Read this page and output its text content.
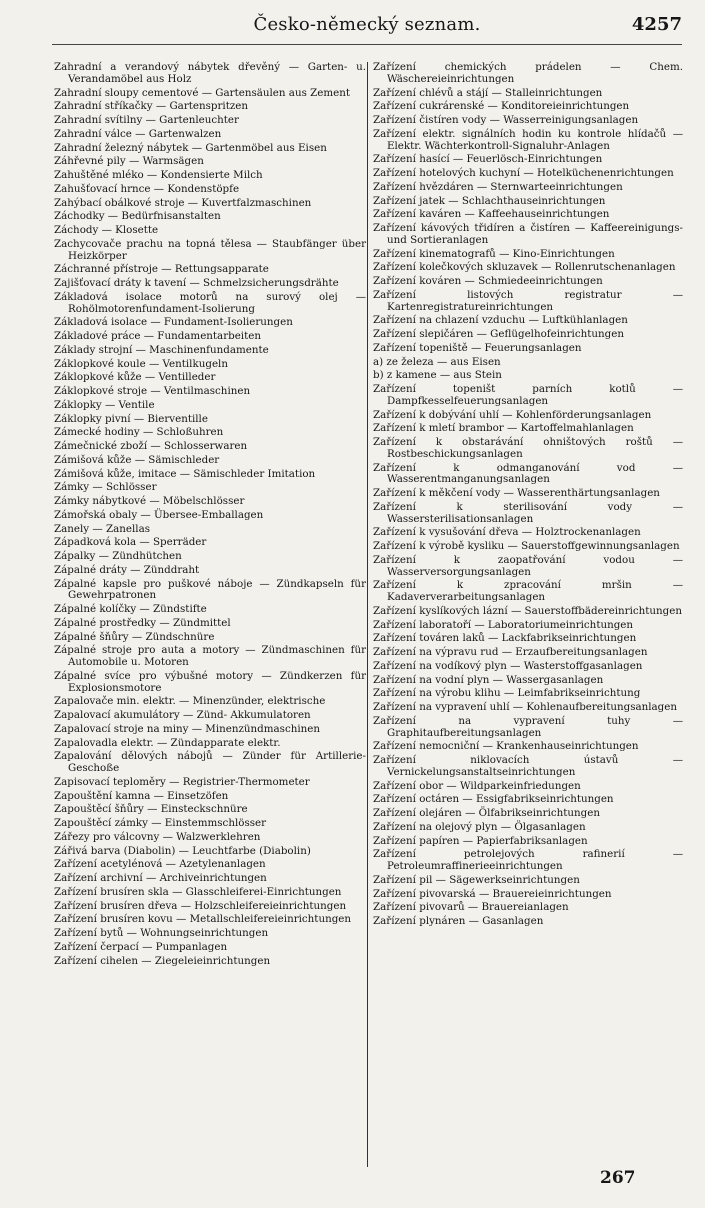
Česko-německý seznam.	4257
Zahradní a verandový nábytek dřevěný — Garten- u. Verandamöbel aus Holz
Zahradní sloupy cementové — Gartensäulen aus Zement
Zahradní stříkačky — Gartenspritzen
Zahradní svítilny — Gartenleuchter
Zahradní válce — Gartenwalzen
Zahradní železný nábytek — Gartenmöbel aus Eisen
Záhřevné pily — Warmsägen
Zahuštěné mléko — Kondensierte Milch
Zahušťovací hrnce — Kondenstöpfe
Zahýbací obálkové stroje — Kuvertfalzmaschinen
Záchodky — Bedürfnisanstalten
Záchody — Klosette
Zachycovače prachu na topná tělesa — Staubfänger über Heizkörper
Záchranné přístroje — Rettungsapparate
Zajišťovací dráty k tavení — Schmelzsicherungsdrähte
Základová isolace motorů na surový olej — Rohölmotorenfundament-Isolierung
Základová isolace — Fundament-Isolierungen
Základové práce — Fundamentarbeiten
Základy strojní — Maschinenfundamente
Záklopkové koule — Ventilkugeln
Záklopkové kůže — Ventilleder
Záklopkové stroje — Ventilmaschinen
Záklopky — Ventile
Záklopky pivní — Bierventille
Zámecké hodiny — Schloßuhren
Zámečnické zboží — Schlosserwaren
Zámišová kůže — Sämischleder
Zámišová kůže, imitace — Sämischleder Imitation
Zámky — Schlösser
Zámky nábytkové — Möbelschlösser
Zámořská obaly — Übersee-Emballagen
Zanely — Zanellas
Západková kola — Sperräder
Zápalky — Zündhütchen
Zápalné dráty — Zünddraht
Zápalné kapsle pro puškové náboje — Zündkapseln für Gewehrpatronen
Zápalné kolíčky — Zündstifte
Zápalné prostředky — Zündmittel
Zápalné šňůry — Zündschnüre
Zápalné stroje pro auta a motory — Zündmaschinen für Automobile u. Motoren
Zápalné svíce pro výbušné motory — Zündkerzen für Explosionsmotore
Zapalovače min. elektr. — Minenzünder, elektrische
Zapalovací akumulátory — Zünd- Akkumulatoren
Zapalovací stroje na miny — Minenzündmaschinen
Zapalovadla elektr. — Zündapparate elektr.
Zapalování dělových nábojů — Zünder für Artillerie-Geschoße
Zapisovací teploměry — Registrier-Thermometer
Zapouštění kamna — Einsetzöfen
Zapouštěcí šňůry — Einsteckschnüre
Zapouštěcí zámky — Einstemmschlösser
Zářezy pro válcovny — Walzwerklehren
Zářivá barva (Diabolin) — Leuchtfarbe (Diabolin)
Zařízení acetylénová — Azetylenanlagen
Zařízení archivní — Archiveinrichtungen
Zařízení brusíren skla — Glasschleiferei-Einrichtungen
Zařízení brusíren dřeva — Holzschleifereieinrichtungen
Zařízení brusíren kovu — Metallschleifereieinrichtungen
Zařízení bytů — Wohnungseinrichtungen
Zařízení čerpací — Pumpanlagen
Zařízení cihelen — Ziegeleieinrichtungen
Zařízení chemických prádelen — Chem. Wäschereieinrichtungen
Zařízení chlévů a stájí — Stalleinrichtungen
Zařízení cukrárenské — Konditoreieinrichtungen
Zařízení čistíren vody — Wasserreinigungsanlagen
Zařízení elektr. signálních hodin ku kontrole hlídačů — Elektr. Wächterkontroll-Signaluhr-Anlagen
Zařízení hasící — Feuerlösch-Einrichtungen
Zařízení hotelových kuchyní — Hotelküchenenrichtungen
Zařízení hvězdáren — Sternwarteeinrichtungen
Zařízení jatek — Schlachthauseinrichtungen
Zařízení kaváren — Kaffeehauseinrichtungen
Zařízení kávových třidíren a čistíren — Kaffeereinigungs- und Sortieranlagen
Zařízení kinematografů — Kino-Einrichtungen
Zařízení kolečkových skluzavek — Rollenrutschenanlagen
Zařízení kováren — Schmiedeeinrichtungen
Zařízení listových registratur — Kartenregistratureinrichtungen
Zařízení na chlazení vzduchu — Luftkühlanlagen
Zařízení slepičáren — Geflügelhofeinrichtungen
Zařízení topeniště — Feuerungsanlagen
a) ze železa — aus Eisen
b) z kamene — aus Stein
Zařízení topeništ parních kotlů — Dampfkesselfeuerungsanlagen
Zařízení k dobývání uhlí — Kohlenförderungsanlagen
Zařízení k mletí brambor — Kartoffelmahlanlagen
Zařízení k obstarávání ohništových roštů — Rostbeschickungsanlagen
Zařízení k odmanganování vod — Wasserentmanganungsanlagen
Zařízení k měkčení vody — Wasserenthärtungsanlagen
Zařízení k sterilisování vody — Wassersterilisationsanlagen
Zařízení k vysušování dřeva — Holztrockenanlagen
Zařízení k výrobě kysliku — Sauerstoffgewinnungsanlagen
Zařízení k zaopatřování vodou — Wasserversorgungsanlagen
Zařízení k zpracování mršin — Kadaververarbeitungsanlagen
Zařízení kyslíkových lázní — Sauerstoffbädereinrichtungen
Zařízení laboratoří — Laboratoriumeinrichtungen
Zařízení továren laků — Lackfabrikseinrichtungen
Zařízení na výpravu rud — Erzaufbereitungsanlagen
Zařízení na vodíkový plyn — Wasterstoffgasanlagen
Zařízení na vodní plyn — Wassergasanlagen
Zařízení na výrobu klihu — Leimfabrikseinrichtung
Zařízení na vypravení uhlí — Kohlenaufbereitungsanlagen
Zařízení na vypravení tuhy — Graphitaufbereitungsanlagen
Zařízení nemocniční — Krankenhauseinrichtungen
Zařízení niklovacích ústavů — Vernickelungsanstaltseinrichtungen
Zařízení obor — Wildparkeinfriedungen
Zařízení octáren — Essigfabrikseinrichtungen
Zařízení olejáren — Ölfabrikseinrichtungen
Zařízení na olejový plyn — Ölgasanlagen
Zařízení papíren — Papierfabriksanlagen
Zařízení petrolejových rafinerií — Petroleumraffinerieeinrichtungen
Zařízení pil — Sägewerkseinrichtungen
Zařízení pivovarská — Brauereieinrichtungen
Zařízení pivovarů — Brauereianlagen
Zařízení plynáren — Gasanlagen
267
